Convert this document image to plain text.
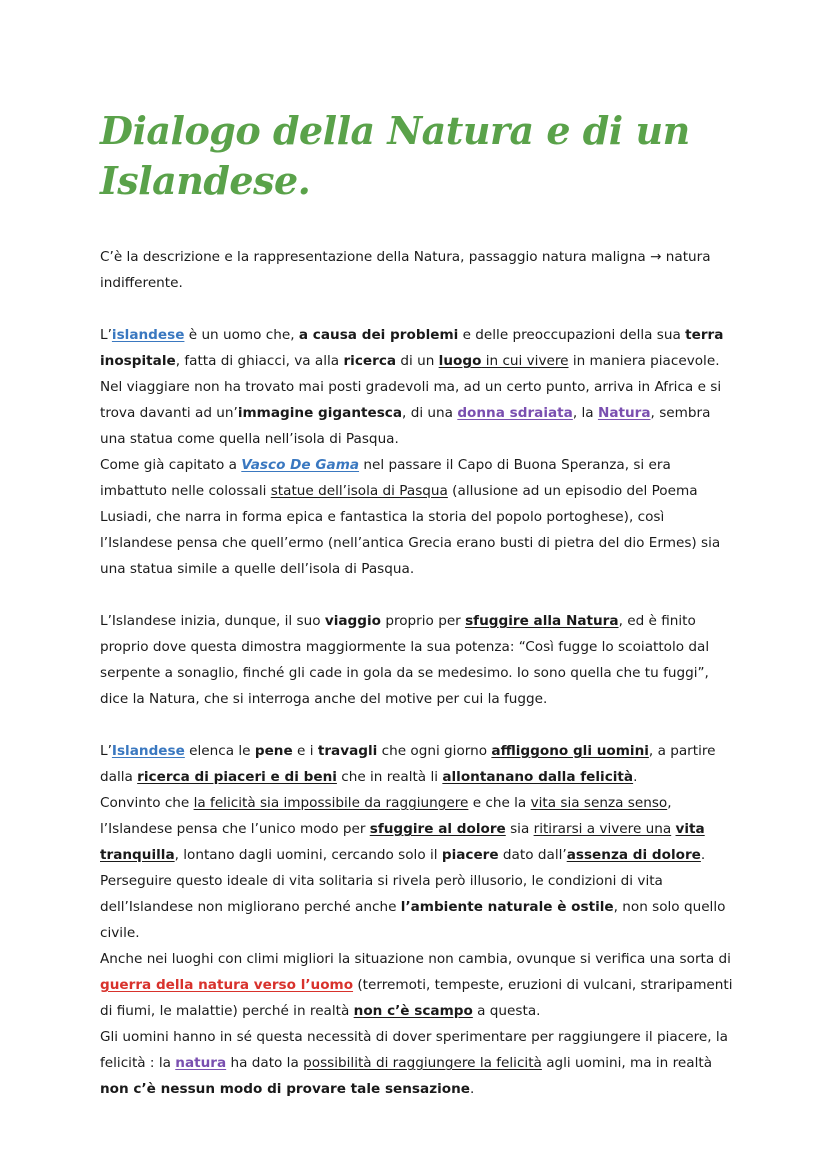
Dialogo della Natura e di un Islandese.

C’è la descrizione e la rappresentazione della Natura, passaggio natura maligna → natura indifferente.

L’islandese è un uomo che, a causa dei problemi e delle preoccupazioni della sua terra inospitale, fatta di ghiacci, va alla ricerca di un luogo in cui vivere in maniera piacevole. Nel viaggiare non ha trovato mai posti gradevoli ma, ad un certo punto, arriva in Africa e si trova davanti ad un’immagine gigantesca, di una donna sdraiata, la Natura, sembra una statua come quella nell’isola di Pasqua.

Come già capitato a Vasco De Gama nel passare il Capo di Buona Speranza, si era imbattuto nelle colossali statue dell’isola di Pasqua (allusione ad un episodio del Poema Lusiadi, che narra in forma epica e fantastica la storia del popolo portoghese), così l’Islandese pensa che quell’ermo (nell’antica Grecia erano busti di pietra del dio Ermes) sia una statua simile a quelle dell’isola di Pasqua.

L’Islandese inizia, dunque, il suo viaggio proprio per sfuggire alla Natura, ed è finito proprio dove questa dimostra maggiormente la sua potenza: “Così fugge lo scoiattolo dal serpente a sonaglio, finché gli cade in gola da se medesimo. Io sono quella che tu fuggi”, dice la Natura, che si interroga anche del motive per cui la fugge.

L’Islandese elenca le pene e i travagli che ogni giorno affliggono gli uomini, a partire dalla ricerca di piaceri e di beni che in realtà li allontanano dalla felicità.

Convinto che la felicità sia impossibile da raggiungere e che la vita sia senza senso, l’Islandese pensa che l’unico modo per sfuggire al dolore sia ritirarsi a vivere una vita tranquilla, lontano dagli uomini, cercando solo il piacere dato dall’assenza di dolore.

Perseguire questo ideale di vita solitaria si rivela però illusorio, le condizioni di vita dell’Islandese non migliorano perché anche l’ambiente naturale è ostile, non solo quello civile.

Anche nei luoghi con climi migliori la situazione non cambia, ovunque si verifica una sorta di guerra della natura verso l’uomo (terremoti, tempeste, eruzioni di vulcani, straripamenti di fiumi, le malattie) perché in realtà non c’è scampo a questa.

Gli uomini hanno in sé questa necessità di dover sperimentare per raggiungere il piacere, la felicità : la natura ha dato la possibilità di raggiungere la felicità agli uomini, ma in realtà non c’è nessun modo di provare tale sensazione.
